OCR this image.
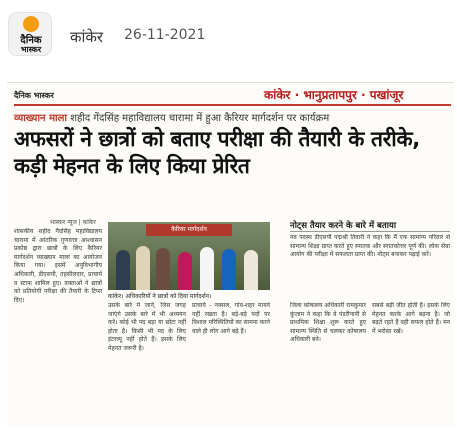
दैनिक
भास्कर
कांकेर 26-11-2021
दैनिक भास्कर	कांकेर · भानुप्रतापपुर · पखांजूर
व्याख्यान माला शहीद गेंदसिंह महाविद्यालय चारामा में हुआ कैरियर मार्गदर्शन पर कार्यक्रम
अफसरों ने छात्रों को बताए परीक्षा की तैयारी के तरीके, कड़ी मेहनत के लिए किया प्रेरित
भास्कर न्यूज | कांकेर
शासकीय शहीद गैंदसिंह महाविद्यालय चारामा में आंतरिक गुणवत्ता आश्वासन प्रकोष्ठ द्वारा छात्रों के लिए कैरियर मार्गदर्शन व्याख्यान माला का आयोजन किया गया। इसमें अनुविभागीय अधिकारी, डीएसपी, तहसीलदार, प्राचार्य व स्टाफ शामिल हुए। वक्ताओं ने छात्रों को प्रतियोगी परीक्षा की तैयारी के टिप्स दिए।
कैरियर मार्गदर्शन
कांकेर। अधिकारियों ने छात्रों को दिया मार्गदर्शन।
उसके बारे में जाने, जिस जगह जाएंगे उसके बारे में भी अध्ययन करें। कोई भी पद बड़ा या छोटा नहीं होता है। किसी भी पद के लिए इंटरव्यू नहीं होते हैं। इसके लिए मेहनत जरूरी है।
प्राचार्य - नक्सल, गांव-शहर मायने नहीं रखता है। बड़े-बड़े पदों पर विशाल परिस्थितियों का सामना करने वाले ही लोग आगे बढ़े हैं।
नोट्स तैयार करने के बारे में बताया
नव पदस्थ डीएसपी पद्मश्री तिवारी ने कहा कि मैं एक सामान्य परिवार से सामान्य शिक्षा प्राप्त करते हुए स्नातक और स्नातकोत्तर पूर्ण की। लोक सेवा आयोग की परीक्षा में सफलता प्राप्त की। नोट्स बनाकर पढ़ाई करें।
जिला कोषालय अधिकारी रामकुमार कुंजाम ने कहा कि वे पंडरीपानी से प्राथमिक शिक्षा शुरू करते हुए सामान्य स्थिति से चलकर कोषालय अधिकारी बने।
सबसे बड़ी जीत होती है। इसके लिए मेहनत करके आगे बढ़ना है। जो बढ़ते रहते हैं वही सफल होते हैं। मन में भरोसा रखें।
